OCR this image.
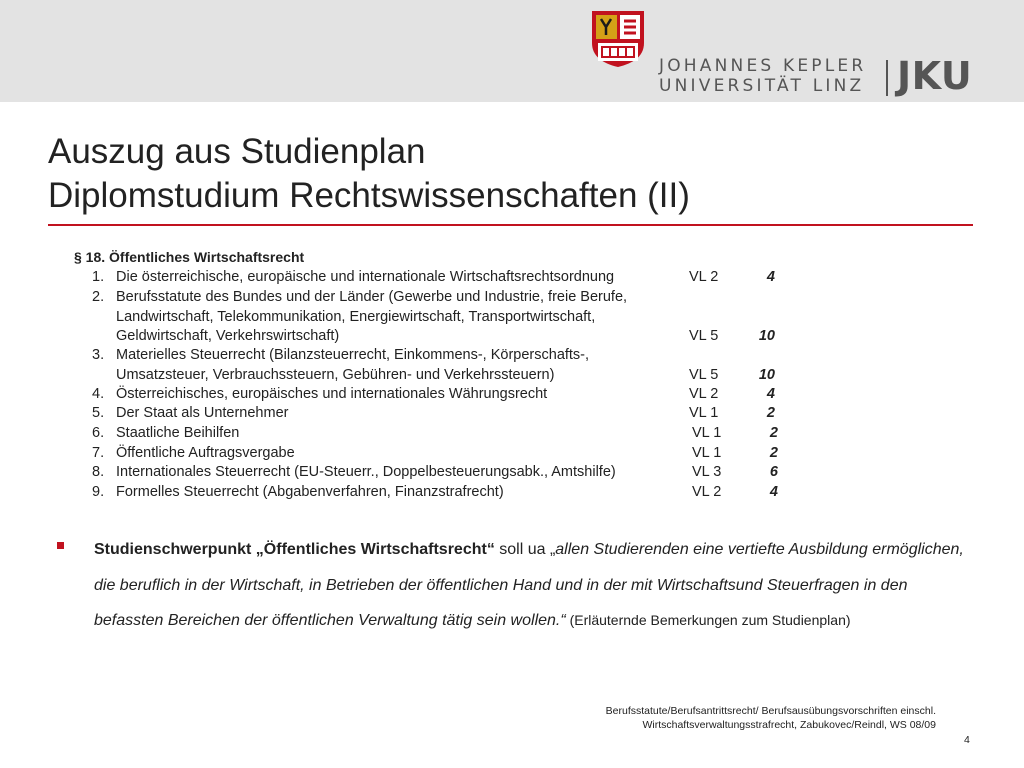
JOHANNES KEPLER
UNIVERSITÄT LINZ JKU
Auszug aus Studienplan
Diplomstudium Rechtswissenschaften (II)
§ 18. Öffentliches Wirtschaftsrecht
1. Die österreichische, europäische und internationale Wirtschaftsrechtsordnung	VL 2	4
2. Berufsstatute des Bundes und der Länder (Gewerbe und Industrie, freie Berufe,
Landwirtschaft, Telekommunikation, Energiewirtschaft, Transportwirtschaft,
Geldwirtschaft, Verkehrswirtschaft)	VL 5	10
3. Materielles Steuerrecht (Bilanzsteuerrecht, Einkommens-, Körperschafts-,
Umsatzsteuer, Verbrauchssteuern, Gebühren- und Verkehrssteuern)	VL 5	10
4. Österreichisches, europäisches und internationales Währungsrecht	VL 2	4
5. Der Staat als Unternehmer	VL 1	2
6. Staatliche Beihilfen	VL 1	2
7. Öffentliche Auftragsvergabe	VL 1	2
8. Internationales Steuerrecht (EU-Steuerr., Doppelbesteuerungsabk., Amtshilfe)	VL 3	6
9. Formelles Steuerrecht (Abgabenverfahren, Finanzstrafrecht)	VL 2	4
Studienschwerpunkt „Öffentliches Wirtschaftsrecht“ soll ua „allen Studierenden eine vertiefte Ausbildung ermöglichen, die beruflich in der Wirtschaft, in Betrieben der öffentlichen Hand und in der mit Wirtschaftsund Steuerfragen in den befassten Bereichen der öffentlichen Verwaltung tätig sein wollen.“ (Erläuternde Bemerkungen zum Studienplan)
Berufsstatute/Berufsantrittsrecht/ Berufsausübungsvorschriften einschl.
Wirtschaftsverwaltungsstrafrecht, Zabukovec/Reindl, WS 08/09
4
